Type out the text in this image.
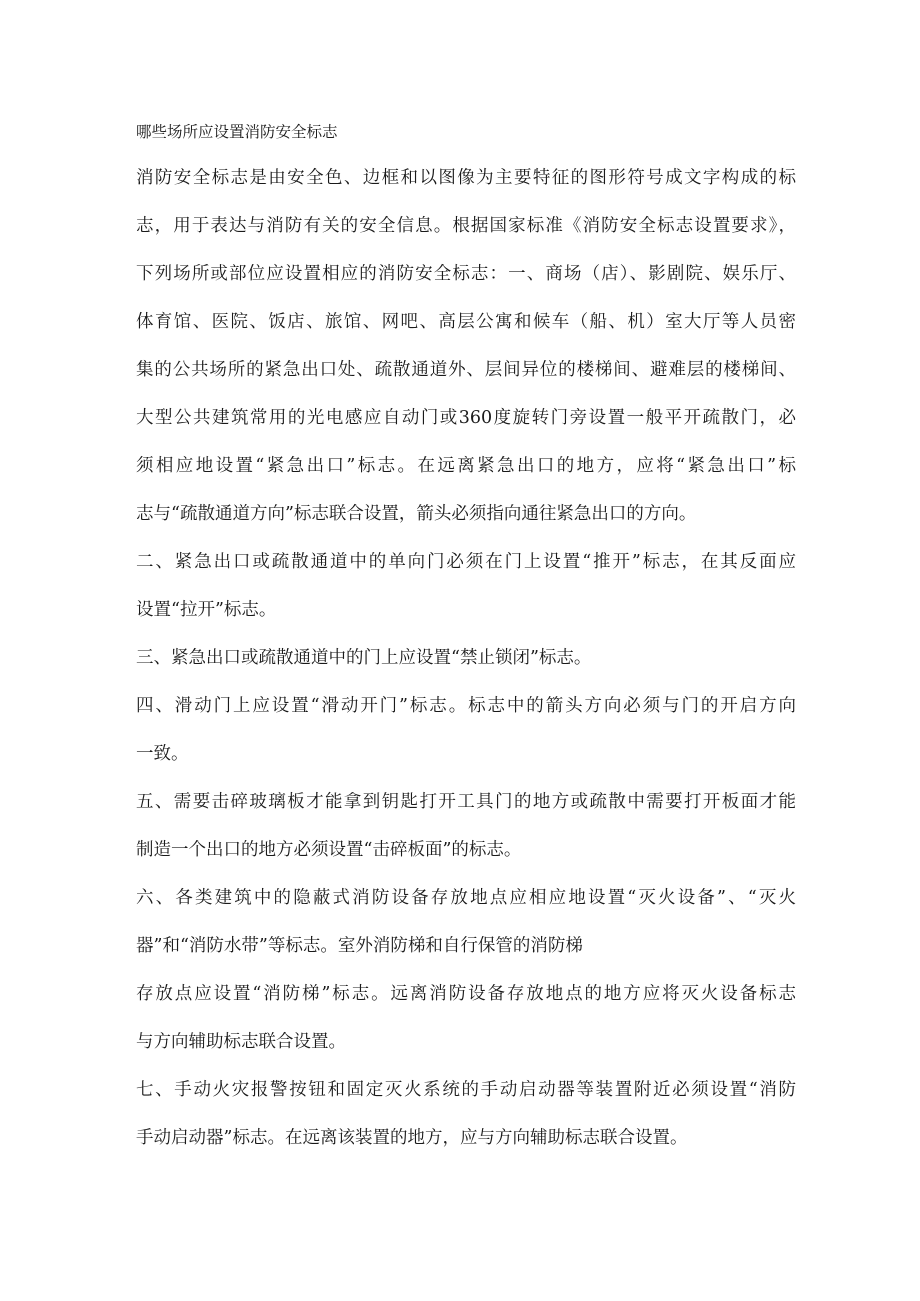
哪些场所应设置消防安全标志
消防安全标志是由安全色、边框和以图像为主要特征的图形符号成文字构成的标
志，用于表达与消防有关的安全信息。根据国家标准《消防安全标志设置要求》，
下列场所或部位应设置相应的消防安全标志：一、商场（店）、影剧院、娱乐厅、
体育馆、医院、饭店、旅馆、网吧、高层公寓和候车（船、机）室大厅等人员密
集的公共场所的紧急出口处、疏散通道外、层间异位的楼梯间、避难层的楼梯间、
大型公共建筑常用的光电感应自动门或360度旋转门旁设置一般平开疏散门，必
须相应地设置“紧急出口”标志。在远离紧急出口的地方，应将“紧急出口”标
志与“疏散通道方向”标志联合设置，箭头必须指向通往紧急出口的方向。
二、紧急出口或疏散通道中的单向门必须在门上设置“推开”标志，在其反面应
设置“拉开”标志。
三、紧急出口或疏散通道中的门上应设置“禁止锁闭”标志。
四、滑动门上应设置“滑动开门”标志。标志中的箭头方向必须与门的开启方向
一致。
五、需要击碎玻璃板才能拿到钥匙打开工具门的地方或疏散中需要打开板面才能
制造一个出口的地方必须设置“击碎板面”的标志。
六、各类建筑中的隐蔽式消防设备存放地点应相应地设置“灭火设备”、“灭火
器”和“消防水带”等标志。室外消防梯和自行保管的消防梯
存放点应设置“消防梯”标志。远离消防设备存放地点的地方应将灭火设备标志
与方向辅助标志联合设置。
七、手动火灾报警按钮和固定灭火系统的手动启动器等装置附近必须设置“消防
手动启动器”标志。在远离该装置的地方，应与方向辅助标志联合设置。
